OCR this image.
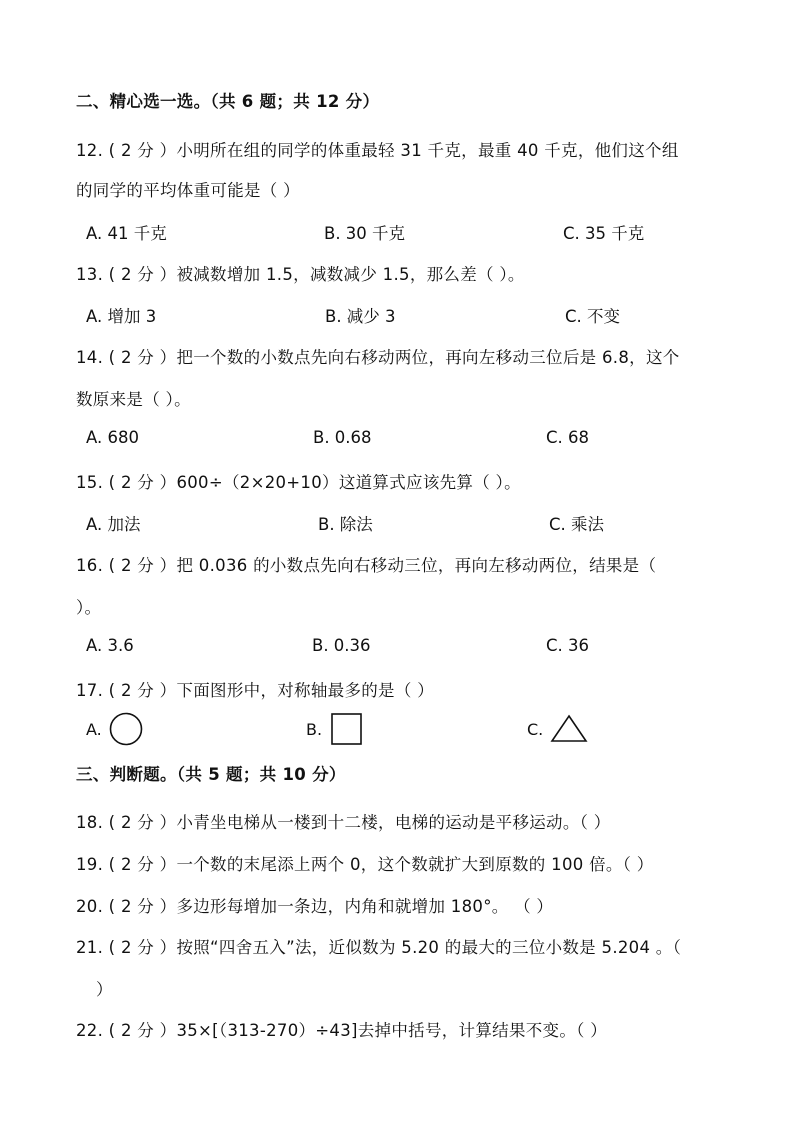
二、精心选一选。（共 6 题；共 12 分）
12. ( 2 分 ）小明所在组的同学的体重最轻 31 千克，最重 40 千克，他们这个组
的同学的平均体重可能是（ ）
A. 41 千克	B. 30 千克	C. 35 千克
13. ( 2 分 ）被减数增加 1.5，减数减少 1.5，那么差（ ）。
A. 增加 3	B. 减少 3	C. 不变
14. ( 2 分 ）把一个数的小数点先向右移动两位，再向左移动三位后是 6.8，这个
数原来是（ ）。
A. 680	B. 0.68	C. 68
15. ( 2 分 ）600÷（2×20+10）这道算式应该先算（ ）。
A. 加法	B. 除法	C. 乘法
16. ( 2 分 ）把 0.036 的小数点先向右移动三位，再向左移动两位，结果是（
）。
A. 3.6	B. 0.36	C. 36
17. ( 2 分 ）下面图形中，对称轴最多的是（ ）
A.	B.	C.
三、判断题。（共 5 题；共 10 分）
18. ( 2 分 ）小青坐电梯从一楼到十二楼，电梯的运动是平移运动。（ ）
19. ( 2 分 ）一个数的末尾添上两个 0，这个数就扩大到原数的 100 倍。（ ）
20. ( 2 分 ）多边形每增加一条边，内角和就增加 180°。 （ ）
21. ( 2 分 ）按照“四舍五入”法，近似数为 5.20 的最大的三位小数是 5.204 。（
）
22. ( 2 分 ）35×[（313-270）÷43]去掉中括号，计算结果不变。（ ）
